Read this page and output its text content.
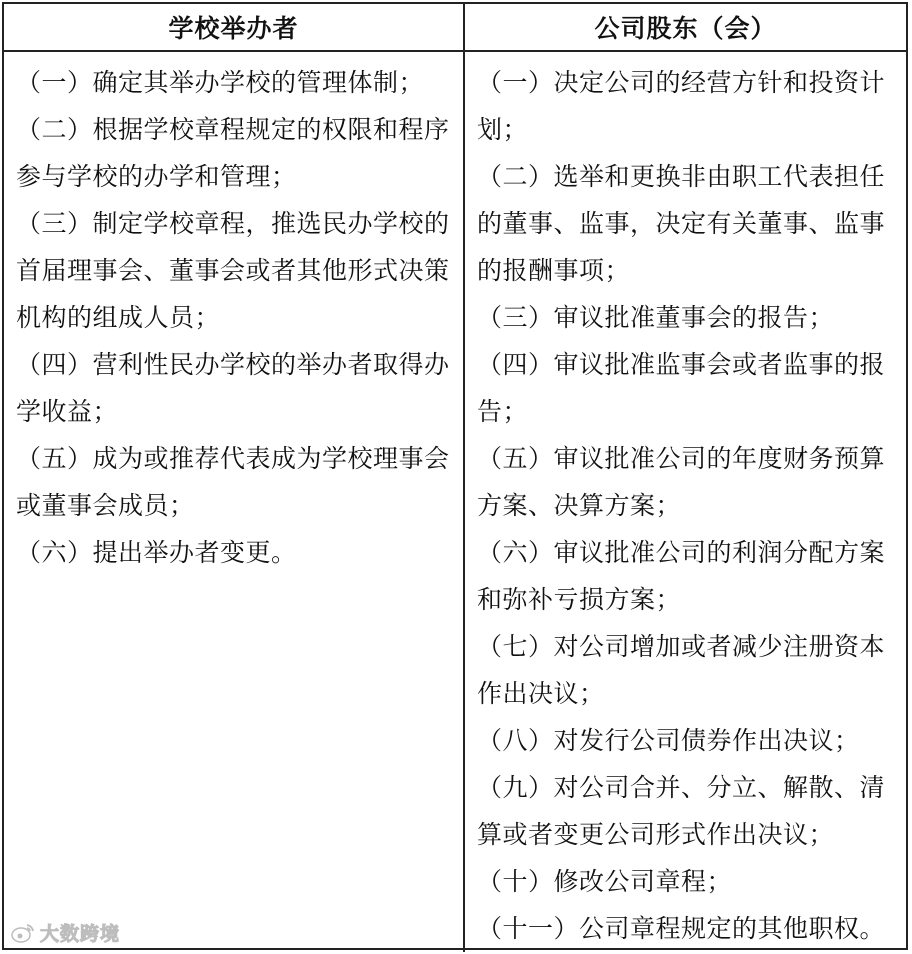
学校举办者	公司股东（会）

（一）确定其举办学校的管理体制；

（二）根据学校章程规定的权限和程序参与学校的办学和管理；

（三）制定学校章程，推选民办学校的首届理事会、董事会或者其他形式决策机构的组成人员；

（四）营利性民办学校的举办者取得办学收益；

（五）成为或推荐代表成为学校理事会或董事会成员；

（六）提出举办者变更。

（一）决定公司的经营方针和投资计划；

（二）选举和更换非由职工代表担任的董事、监事，决定有关董事、监事的报酬事项；

（三）审议批准董事会的报告；

（四）审议批准监事会或者监事的报告；

（五）审议批准公司的年度财务预算方案、决算方案；

（六）审议批准公司的利润分配方案和弥补亏损方案；

（七）对公司增加或者减少注册资本作出决议；

（八）对发行公司债券作出决议；

（九）对公司合并、分立、解散、清算或者变更公司形式作出决议；

（十）修改公司章程；

（十一）公司章程规定的其他职权。

大数跨境
